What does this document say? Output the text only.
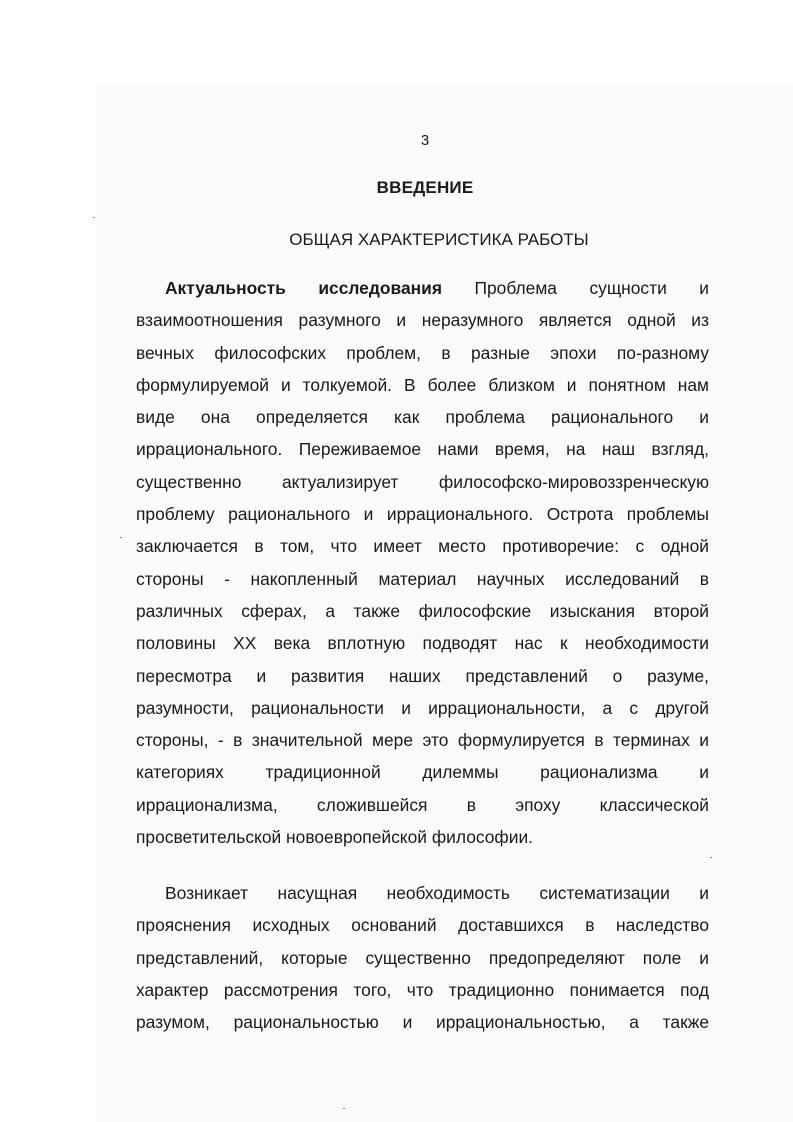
3
ВВЕДЕНИЕ
ОБЩАЯ ХАРАКТЕРИСТИКА РАБОТЫ
Актуальность исследования Проблема сущности и
взаимоотношения разумного и неразумного является одной из
вечных философских проблем, в разные эпохи по-разному
формулируемой и толкуемой. В более близком и понятном нам
виде она определяется как проблема рационального и
иррационального. Переживаемое нами время, на наш взгляд,
существенно актуализирует философско-мировоззренческую
проблему рационального и иррационального. Острота проблемы
заключается в том, что имеет место противоречие: с одной
стороны - накопленный материал научных исследований в
различных сферах, а также философские изыскания второй
половины XX века вплотную подводят нас к необходимости
пересмотра и развития наших представлений о разуме,
разумности, рациональности и иррациональности, а с другой
стороны, - в значительной мере это формулируется в терминах и
категориях традиционной дилеммы рационализма и
иррационализма, сложившейся в эпоху классической
просветительской новоевропейской философии.
Возникает насущная необходимость систематизации и
прояснения исходных оснований доставшихся в наследство
представлений, которые существенно предопределяют поле и
характер рассмотрения того, что традиционно понимается под
разумом, рациональностью и иррациональностью, а также
